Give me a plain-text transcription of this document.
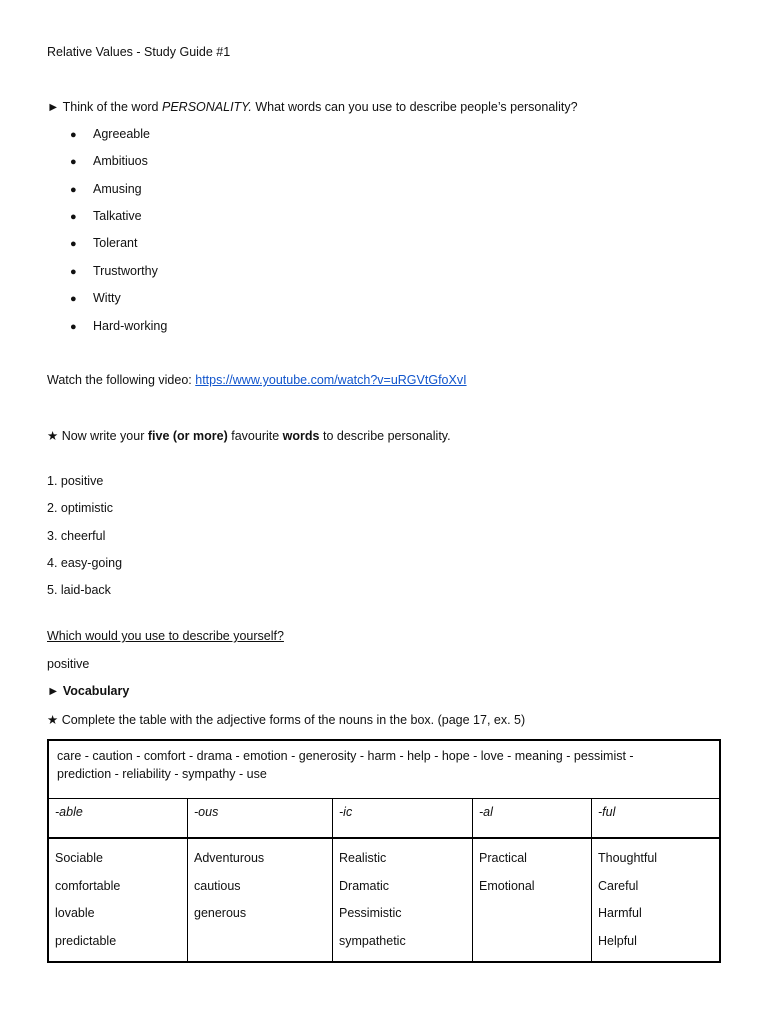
Relative Values - Study Guide #1
► Think of the word PERSONALITY. What words can you use to describe people’s personality?
● Agreeable
● Ambitiuos
● Amusing
● Talkative
● Tolerant
● Trustworthy
● Witty
● Hard-working
Watch the following video: https://www.youtube.com/watch?v=uRGVtGfoXvI
★ Now write your five (or more) favourite words to describe personality.
1. positive
2. optimistic
3. cheerful
4. easy-going
5. laid-back
Which would you use to describe yourself?
positive
► Vocabulary
★ Complete the table with the adjective forms of the nouns in the box. (page 17, ex. 5)
care - caution - comfort - drama - emotion - generosity - harm - help - hope - love - meaning - pessimist -
prediction - reliability - sympathy - use
-able
Sociable
comfortable
lovable
predictable
-ous
Adventurous
cautious
generous
-ic
Realistic
Dramatic
Pessimistic
sympathetic
-al
Practical
Emotional
-ful
Thoughtful
Careful
Harmful
Helpful
